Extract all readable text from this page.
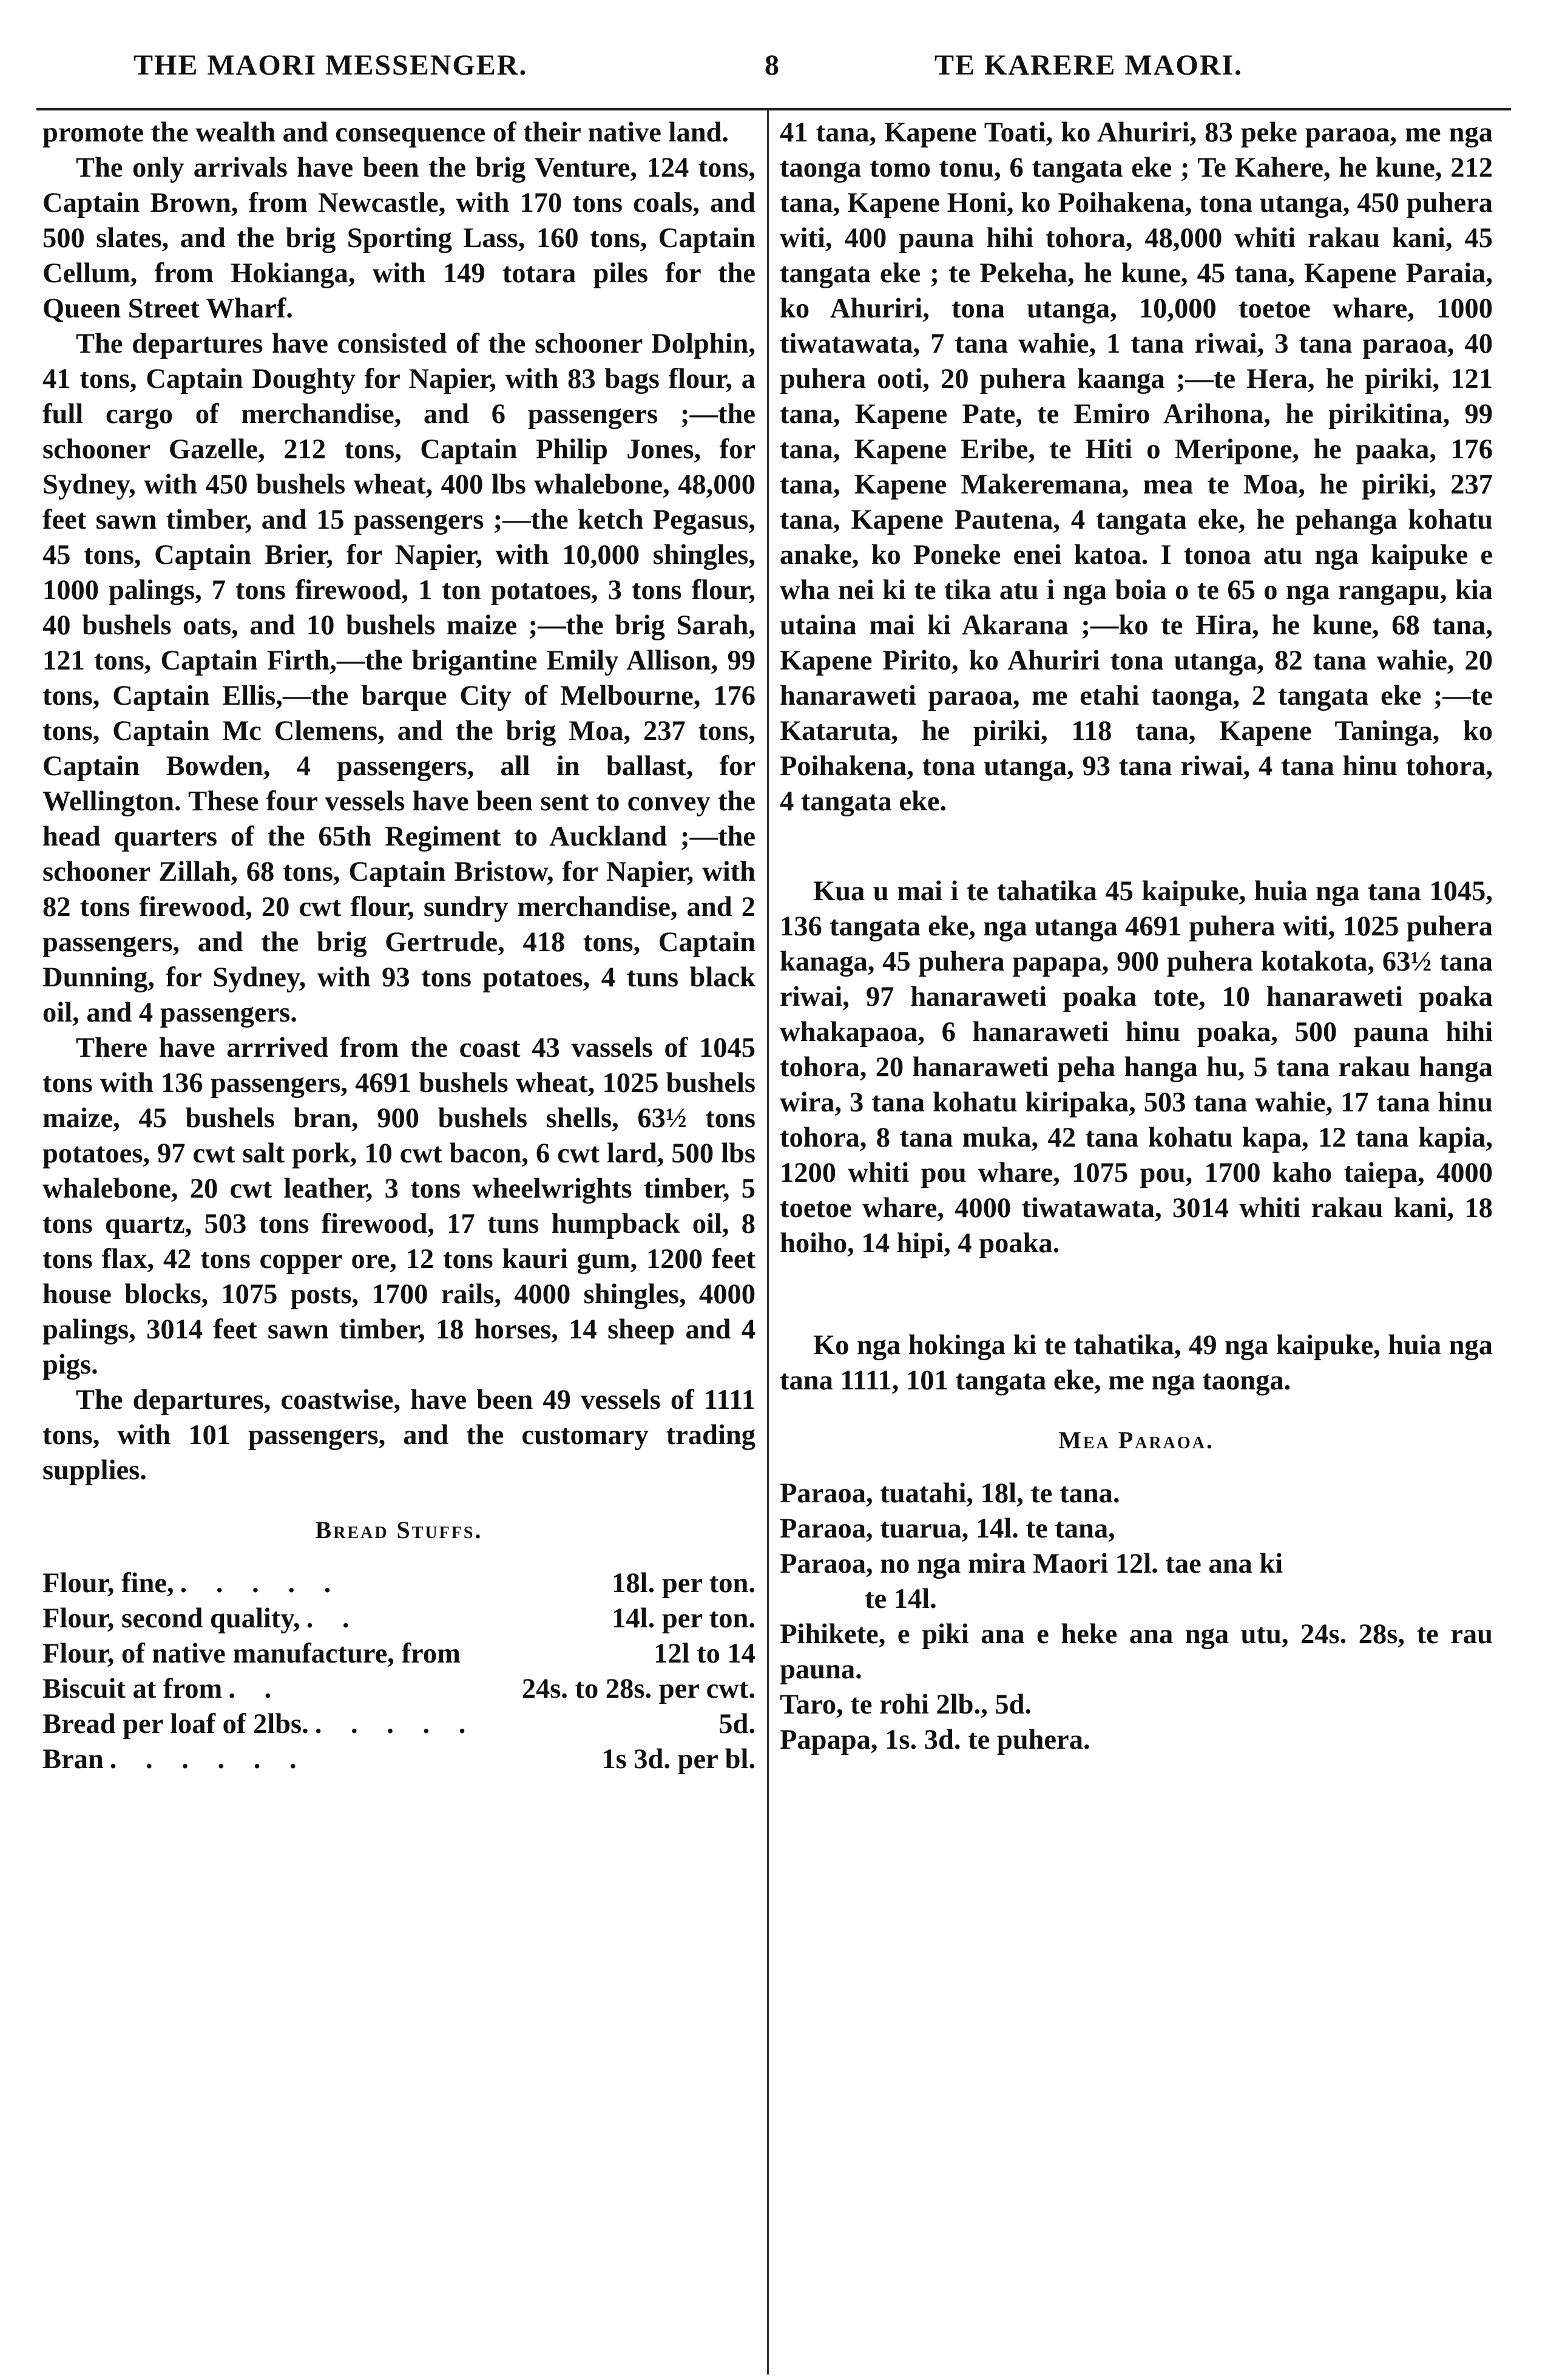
THE MAORI MESSENGER.	8	TE KARERE MAORI.

promote the wealth and consequence of their native land.

The only arrivals have been the brig Venture, 124 tons, Captain Brown, from Newcastle, with 170 tons coals, and 500 slates, and the brig Sporting Lass, 160 tons, Captain Cellum, from Hokianga, with 149 totara piles for the Queen Street Wharf.

The departures have consisted of the schooner Dolphin, 41 tons, Captain Doughty for Napier, with 83 bags flour, a full cargo of merchandise, and 6 passengers ;—the schooner Gazelle, 212 tons, Captain Philip Jones, for Sydney, with 450 bushels wheat, 400 lbs whalebone, 48,000 feet sawn timber, and 15 passengers ;—the ketch Pegasus, 45 tons, Captain Brier, for Napier, with 10,000 shingles, 1000 palings, 7 tons firewood, 1 ton potatoes, 3 tons flour, 40 bushels oats, and 10 bushels maize ;—the brig Sarah, 121 tons, Captain Firth,—the brigantine Emily Allison, 99 tons, Captain Ellis,—the barque City of Melbourne, 176 tons, Captain Mc Clemens, and the brig Moa, 237 tons, Captain Bowden, 4 passengers, all in ballast, for Wellington. These four vessels have been sent to convey the head quarters of the 65th Regiment to Auckland ;—the schooner Zillah, 68 tons, Captain Bristow, for Napier, with 82 tons firewood, 20 cwt flour, sundry merchandise, and 2 passengers, and the brig Gertrude, 418 tons, Captain Dunning, for Sydney, with 93 tons potatoes, 4 tuns black oil, and 4 passengers.

There have arrrived from the coast 43 vassels of 1045 tons with 136 passengers, 4691 bushels wheat, 1025 bushels maize, 45 bushels bran, 900 bushels shells, 63½ tons potatoes, 97 cwt salt pork, 10 cwt bacon, 6 cwt lard, 500 lbs whalebone, 20 cwt leather, 3 tons wheelwrights timber, 5 tons quartz, 503 tons firewood, 17 tuns humpback oil, 8 tons flax, 42 tons copper ore, 12 tons kauri gum, 1200 feet house blocks, 1075 posts, 1700 rails, 4000 shingles, 4000 palings, 3014 feet sawn timber, 18 horses, 14 sheep and 4 pigs.

The departures, coastwise, have been 49 vessels of 1111 tons, with 101 passengers, and the customary trading supplies.

Bread Stuffs.
Flour, fine, . . . . .	18l. per ton.
Flour, second quality, . .	14l. per ton.
Flour, of native manufacture, from	12l to 14
Biscuit at from . .	24s. to 28s. per cwt.
Bread per loaf of 2lbs. . . . . .	5d.
Bran . . . . . .	1s 3d. per bl.

41 tana, Kapene Toati, ko Ahuriri, 83 peke paraoa, me nga taonga tomo tonu, 6 tangata eke ; Te Kahere, he kune, 212 tana, Kapene Honi, ko Poihakena, tona utanga, 450 puhera witi, 400 pauna hihi tohora, 48,000 whiti rakau kani, 45 tangata eke ; te Pekeha, he kune, 45 tana, Kapene Paraia, ko Ahuriri, tona utanga, 10,000 toetoe whare, 1000 tiwatawata, 7 tana wahie, 1 tana riwai, 3 tana paraoa, 40 puhera ooti, 20 puhera kaanga ;—te Hera, he piriki, 121 tana, Kapene Pate, te Emiro Arihona, he pirikitina, 99 tana, Kapene Eribe, te Hiti o Meripone, he paaka, 176 tana, Kapene Makeremana, mea te Moa, he piriki, 237 tana, Kapene Pautena, 4 tangata eke, he pehanga kohatu anake, ko Poneke enei katoa. I tonoa atu nga kaipuke e wha nei ki te tika atu i nga boia o te 65 o nga rangapu, kia utaina mai ki Akarana ;—ko te Hira, he kune, 68 tana, Kapene Pirito, ko Ahuriri tona utanga, 82 tana wahie, 20 hanaraweti paraoa, me etahi taonga, 2 tangata eke ;—te Kataruta, he piriki, 118 tana, Kapene Taninga, ko Poihakena, tona utanga, 93 tana riwai, 4 tana hinu tohora, 4 tangata eke.

Kua u mai i te tahatika 45 kaipuke, huia nga tana 1045, 136 tangata eke, nga utanga 4691 puhera witi, 1025 puhera kanaga, 45 puhera papapa, 900 puhera kotakota, 63½ tana riwai, 97 hanaraweti poaka tote, 10 hanaraweti poaka whakapaoa, 6 hanaraweti hinu poaka, 500 pauna hihi tohora, 20 hanaraweti peha hanga hu, 5 tana rakau hanga wira, 3 tana kohatu kiripaka, 503 tana wahie, 17 tana hinu tohora, 8 tana muka, 42 tana kohatu kapa, 12 tana kapia, 1200 whiti pou whare, 1075 pou, 1700 kaho taiepa, 4000 toetoe whare, 4000 tiwatawata, 3014 whiti rakau kani, 18 hoiho, 14 hipi, 4 poaka.

Ko nga hokinga ki te tahatika, 49 nga kaipuke, huia nga tana 1111, 101 tangata eke, me nga taonga.

Mea Paraoa.

Paraoa, tuatahi, 18l, te tana.

Paraoa, tuarua, 14l. te tana,

Paraoa, no nga mira Maori 12l. tae ana ki

te 14l.

Pihikete, e piki ana e heke ana nga utu, 24s. 28s, te rau pauna.

Taro, te rohi 2lb., 5d.

Papapa, 1s. 3d. te puhera.
